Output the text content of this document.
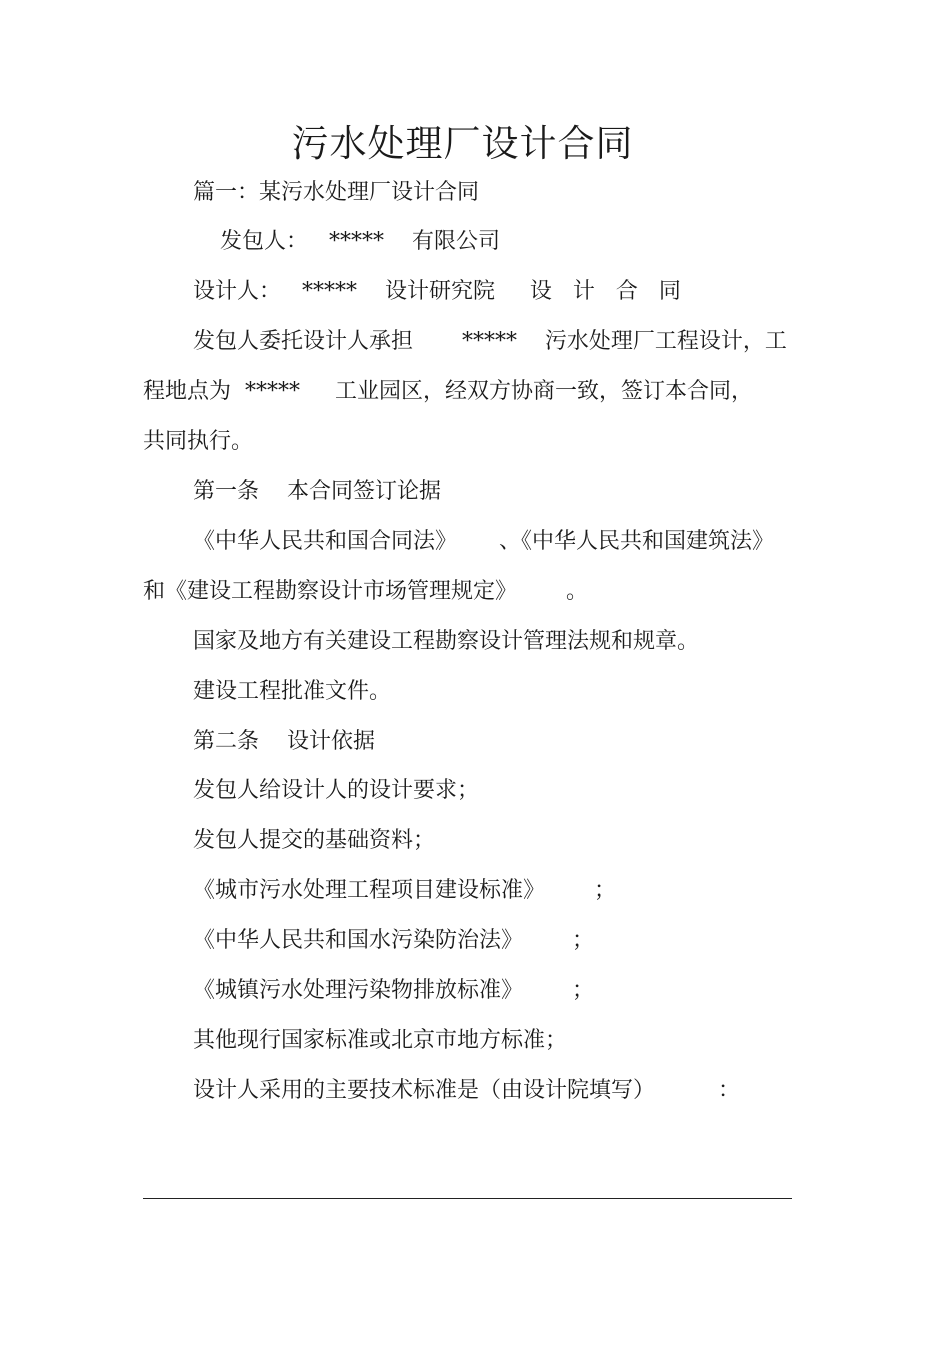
污水处理厂设计合同

篇一：某污水处理厂设计合同

发包人：   *****    有限公司

设计人：   *****    设计研究院     设   计   合   同

发包人委托设计人承担       *****    污水处理厂工程设计，工

程地点为  *****     工业园区，经双方协商一致，签订本合同，

共同执行。

第一条    本合同签订论据

《中华人民共和国合同法》      、《中华人民共和国建筑法》

和《建设工程勘察设计市场管理规定》       。

国家及地方有关建设工程勘察设计管理法规和规章。

建设工程批准文件。

第二条    设计依据

发包人给设计人的设计要求；

发包人提交的基础资料；

《城市污水处理工程项目建设标准》       ；

《中华人民共和国水污染防治法》       ；

《城镇污水处理污染物排放标准》       ；

其他现行国家标准或北京市地方标准；

设计人采用的主要技术标准是（由设计院填写）         ：
